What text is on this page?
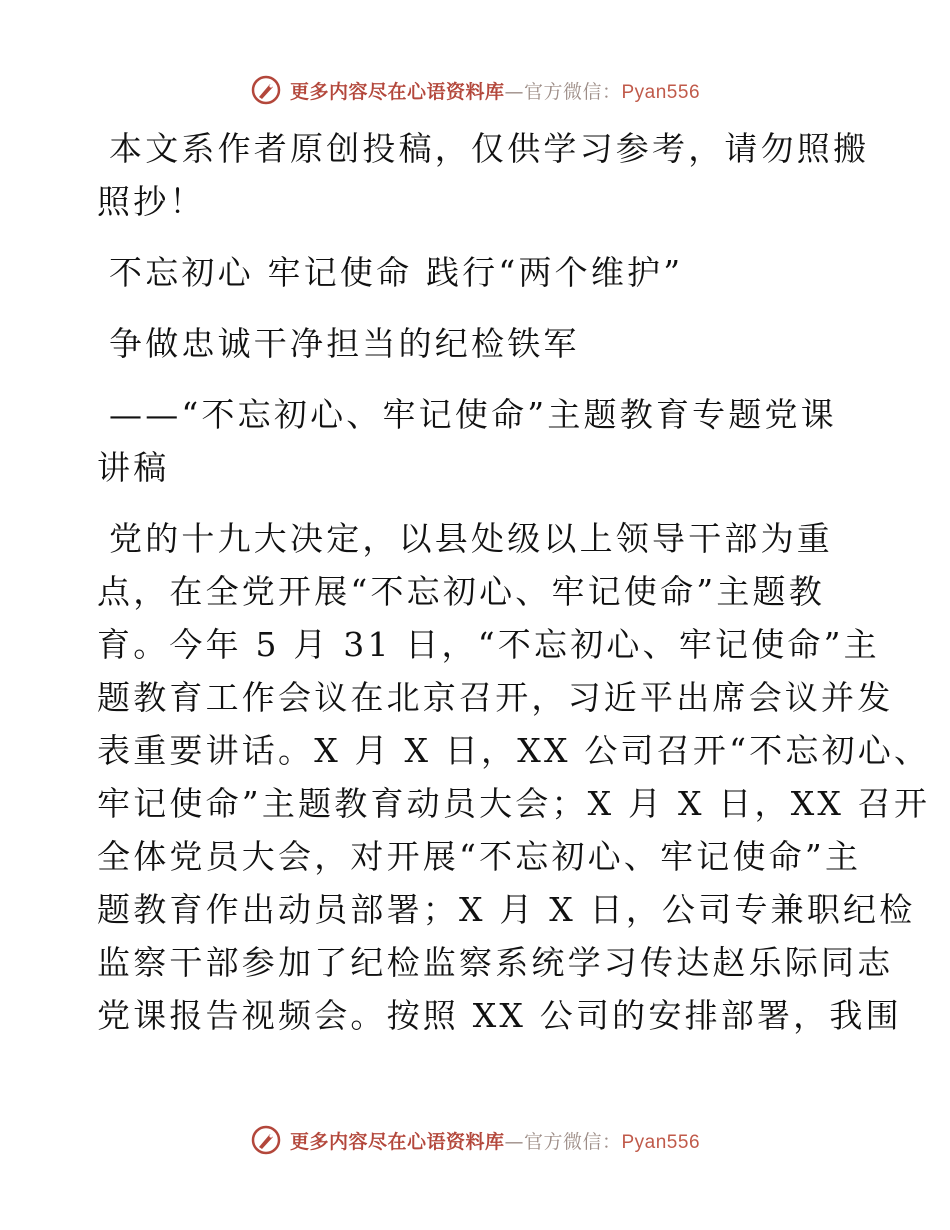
更多内容尽在心语资料库—官方微信：Pyan556

本文系作者原创投稿，仅供学习参考，请勿照搬
照抄！

不忘初心 牢记使命 践行“两个维护”

争做忠诚干净担当的纪检铁军

——“不忘初心、牢记使命”主题教育专题党课
讲稿

党的十九大决定，以县处级以上领导干部为重
点，在全党开展“不忘初心、牢记使命”主题教
育。今年 5 月 31 日，“不忘初心、牢记使命”主
题教育工作会议在北京召开，习近平出席会议并发
表重要讲话。X 月 X 日，XX 公司召开“不忘初心、
牢记使命”主题教育动员大会；X 月 X 日，XX 召开
全体党员大会，对开展“不忘初心、牢记使命”主
题教育作出动员部署；X 月 X 日，公司专兼职纪检
监察干部参加了纪检监察系统学习传达赵乐际同志
党课报告视频会。按照 XX 公司的安排部署，我围

更多内容尽在心语资料库—官方微信：Pyan556
